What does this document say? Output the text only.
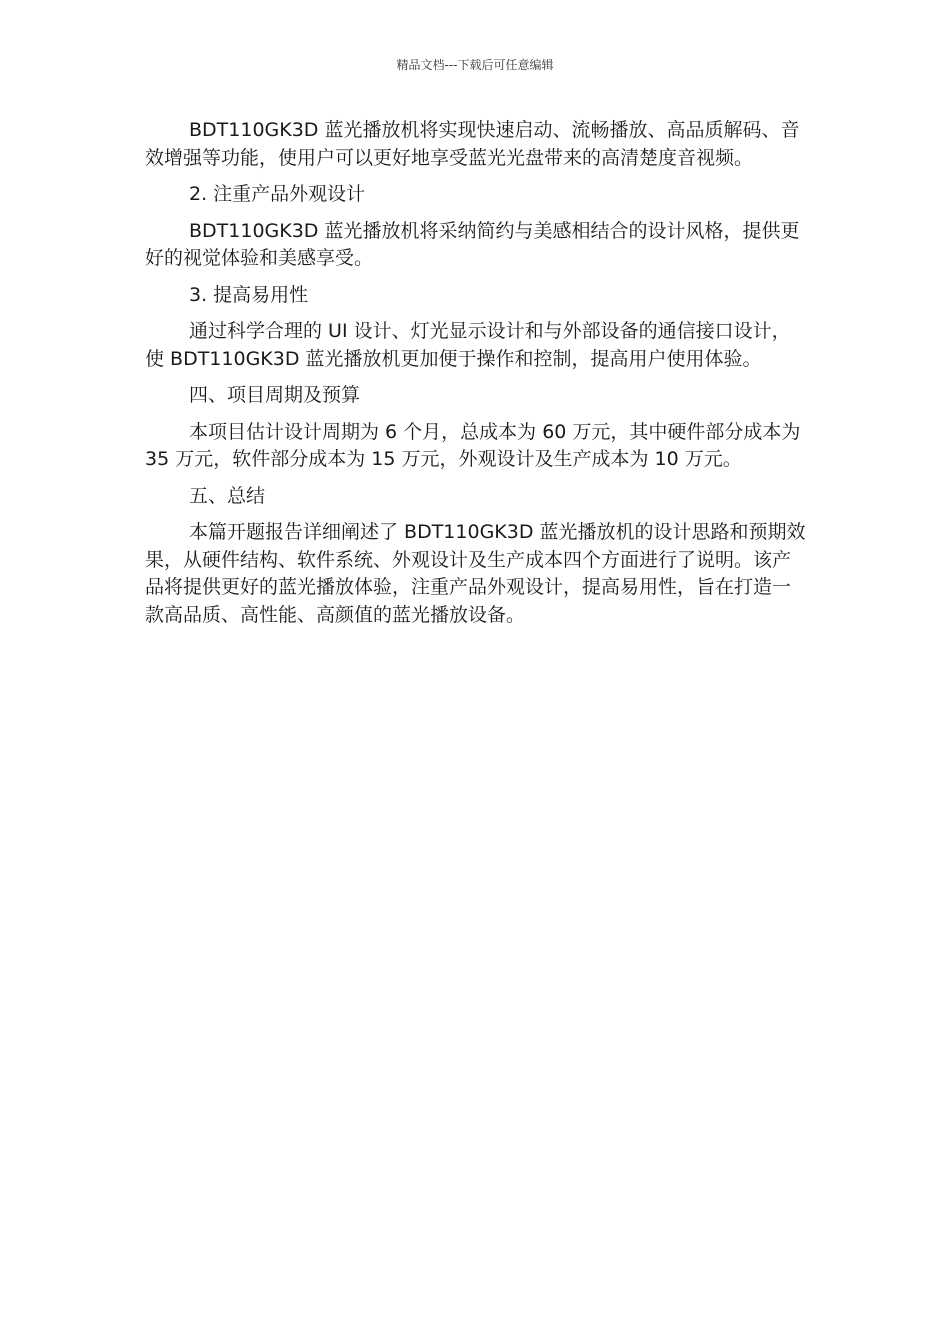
精品文档---下载后可任意编辑

BDT110GK3D 蓝光播放机将实现快速启动、流畅播放、高品质解码、音效增强等功能，使用户可以更好地享受蓝光光盘带来的高清楚度音视频。

2. 注重产品外观设计

BDT110GK3D 蓝光播放机将采纳简约与美感相结合的设计风格，提供更好的视觉体验和美感享受。

3. 提高易用性

通过科学合理的 UI 设计、灯光显示设计和与外部设备的通信接口设计，使 BDT110GK3D 蓝光播放机更加便于操作和控制，提高用户使用体验。

四、项目周期及预算

本项目估计设计周期为 6 个月，总成本为 60 万元，其中硬件部分成本为 35 万元，软件部分成本为 15 万元，外观设计及生产成本为 10 万元。

五、总结

本篇开题报告详细阐述了 BDT110GK3D 蓝光播放机的设计思路和预期效果，从硬件结构、软件系统、外观设计及生产成本四个方面进行了说明。该产品将提供更好的蓝光播放体验，注重产品外观设计，提高易用性，旨在打造一款高品质、高性能、高颜值的蓝光播放设备。
